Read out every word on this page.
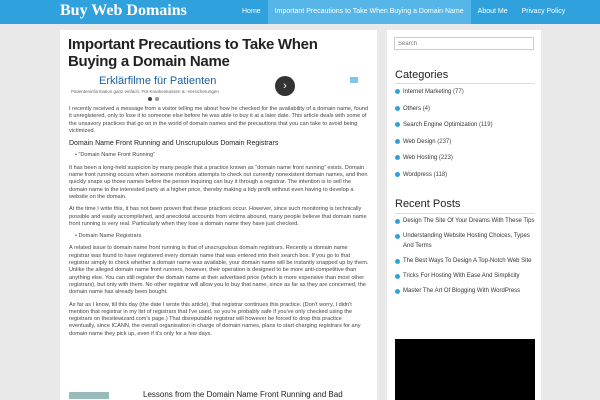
Buy Web Domains	Home	Important Precautions to Take When Buying a Domain Name	About Me	Privacy Policy
Important Precautions to Take When Buying a Domain Name
Erklärfilme für Patienten
Patienteninformation ganz einfach. Für Krankenkassen & -Versicherungen	›

I recently received a message from a visitor telling me about how he checked for the availability of a domain name, found it unregistered, only to lose it to someone else before he was able to buy it at a later date. This article deals with some of the unsavory practices that go on in the world of domain names and the precautions that you can take to avoid being victimized.

Domain Name Front Running and Unscrupulous Domain Registrars
• “Domain Name Front Running”

It has been a long-held suspicion by many people that a practice known as “domain name front running” exists. Domain name front running occurs when someone monitors attempts to check out currently nonexistent domain names, and then quickly snaps up those names before the person inquiring can buy it through a registrar. The intention is to sell the domain name to the interested party at a higher price, thereby making a tidy profit without even having to develop a website on the domain.

At the time I write this, it has not been proven that these practices occur. However, since such monitoring is technically possible and easily accomplished, and anecdotal accounts from victims abound, many people believe that domain name front running is very real. Particularly when they lose a domain name they have just checked.

• Domain Name Registrars

A related issue to domain name front running is that of unscrupulous domain registrars. Recently a domain name registrar was found to have registered every domain name that was entered into their search box. If you go to that registrar simply to check whether a domain name was available, your domain name will be instantly snapped up by them. Unlike the alleged domain name front runners, however, their operation is designed to be more anti-competitive than anything else. You can still register the domain name at their advertised price (which is more expensive than most other registrars), but only with them. No other registrar will allow you to buy that name, since as far as they are concerned, the domain name has already been bought.

As far as I know, till this day (the date I wrote this article), that registrar continues this practice. (Don't worry, I didn't mention that registrar in my list of registrars that I've used, so you're probably safe if you've only checked using the registrars on thesitewizard.com's page.) That disreputable registrar will however be forced to drop this practice eventually, since ICANN, the overall organisation in charge of domain names, plans to start charging registrars for any domain name they pick up, even if it's only for a few days.

Lessons from the Domain Name Front Running and Bad
Search
Categories
Internet Marketing (77)
Others (4)
Search Engine Optimization (119)
Web Design (237)
Web Hosting (223)
Wordpress (118)
Recent Posts
Design The Site Of Your Dreams With These Tips
Understanding Website Hosting Choices, Types And Terms
The Best Ways To Design A Top-Notch Web Site
Tricks For Hosting With Ease And Simplicity
Master The Art Of Blogging With WordPress
